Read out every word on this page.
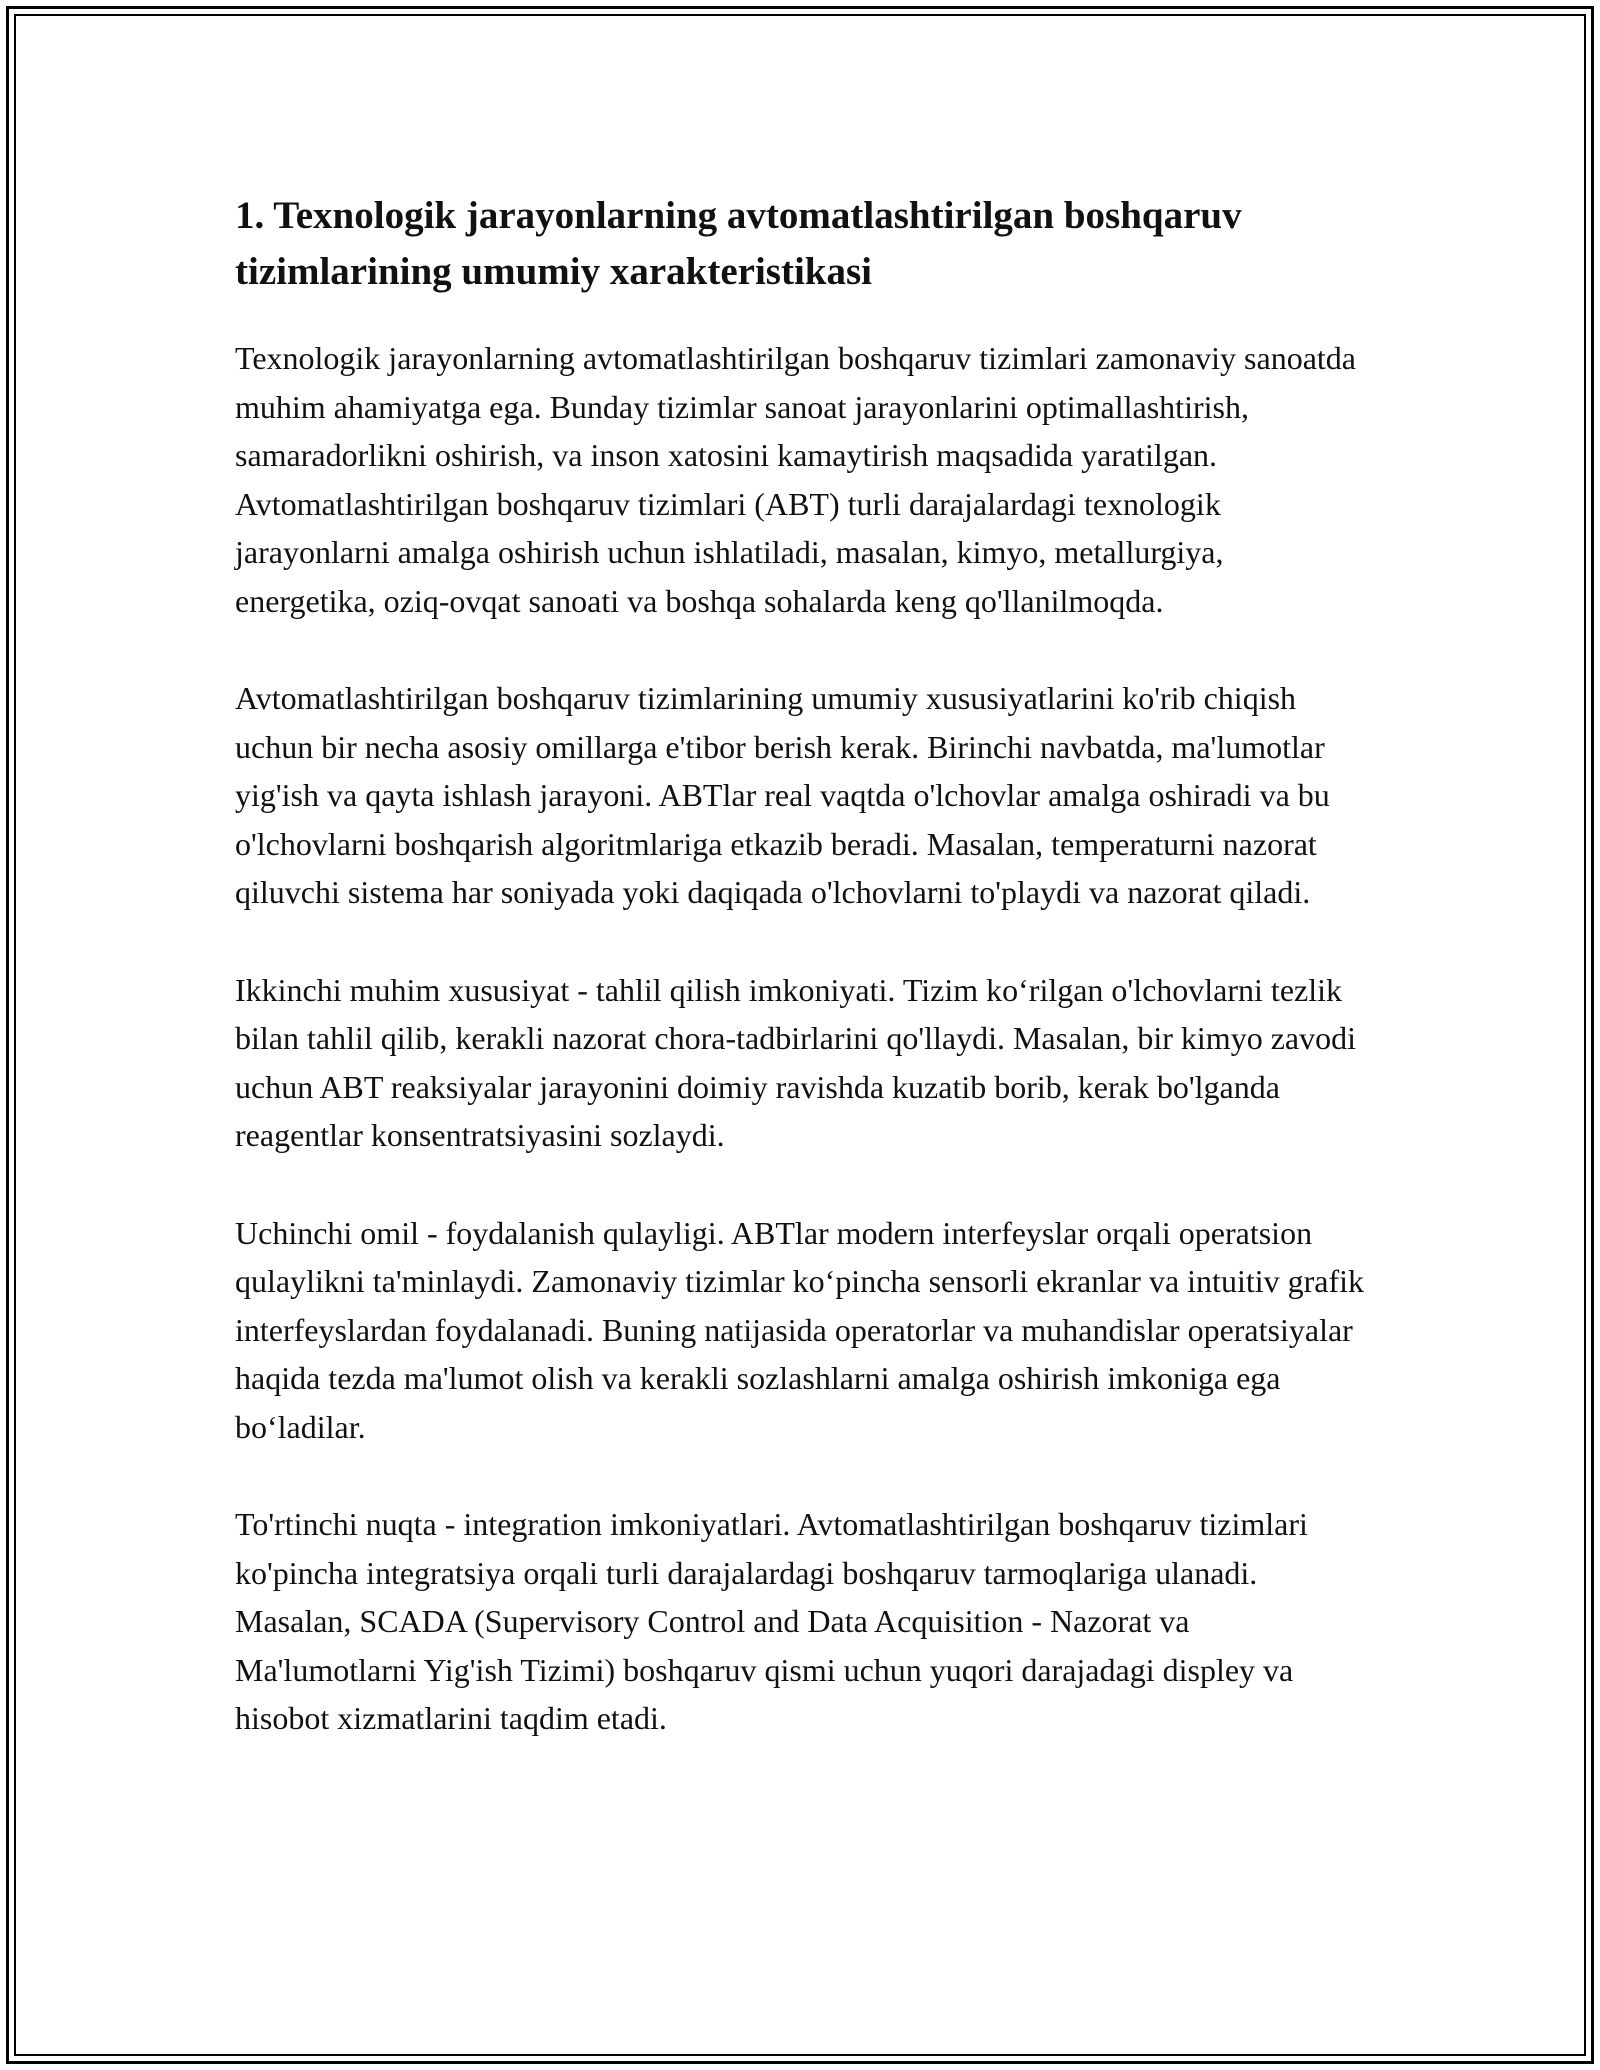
1. Texnologik jarayonlarning avtomatlashtirilgan boshqaruv tizimlarining umumiy xarakteristikasi

Texnologik jarayonlarning avtomatlashtirilgan boshqaruv tizimlari zamonaviy sanoatda muhim ahamiyatga ega. Bunday tizimlar sanoat jarayonlarini optimallashtirish, samaradorlikni oshirish, va inson xatosini kamaytirish maqsadida yaratilgan. Avtomatlashtirilgan boshqaruv tizimlari (ABT) turli darajalardagi texnologik jarayonlarni amalga oshirish uchun ishlatiladi, masalan, kimyo, metallurgiya, energetika, oziq-ovqat sanoati va boshqa sohalarda keng qo'llanilmoqda.

Avtomatlashtirilgan boshqaruv tizimlarining umumiy xususiyatlarini ko'rib chiqish uchun bir necha asosiy omillarga e'tibor berish kerak. Birinchi navbatda, ma'lumotlar yig'ish va qayta ishlash jarayoni. ABTlar real vaqtda o'lchovlar amalga oshiradi va bu o'lchovlarni boshqarish algoritmlariga etkazib beradi. Masalan, temperaturni nazorat qiluvchi sistema har soniyada yoki daqiqada o'lchovlarni to'playdi va nazorat qiladi.

Ikkinchi muhim xususiyat - tahlil qilish imkoniyati. Tizim ko‘rilgan o'lchovlarni tezlik bilan tahlil qilib, kerakli nazorat chora-tadbirlarini qo'llaydi. Masalan, bir kimyo zavodi uchun ABT reaksiyalar jarayonini doimiy ravishda kuzatib borib, kerak bo'lganda reagentlar konsentratsiyasini sozlaydi.

Uchinchi omil - foydalanish qulayligi. ABTlar modern interfeyslar orqali operatsion qulaylikni ta'minlaydi. Zamonaviy tizimlar ko‘pincha sensorli ekranlar va intuitiv grafik interfeyslardan foydalanadi. Buning natijasida operatorlar va muhandislar operatsiyalar haqida tezda ma'lumot olish va kerakli sozlashlarni amalga oshirish imkoniga ega bo‘ladilar.

To'rtinchi nuqta - integration imkoniyatlari. Avtomatlashtirilgan boshqaruv tizimlari ko'pincha integratsiya orqali turli darajalardagi boshqaruv tarmoqlariga ulanadi. Masalan, SCADA (Supervisory Control and Data Acquisition - Nazorat va Ma'lumotlarni Yig'ish Tizimi) boshqaruv qismi uchun yuqori darajadagi displey va hisobot xizmatlarini taqdim etadi.
